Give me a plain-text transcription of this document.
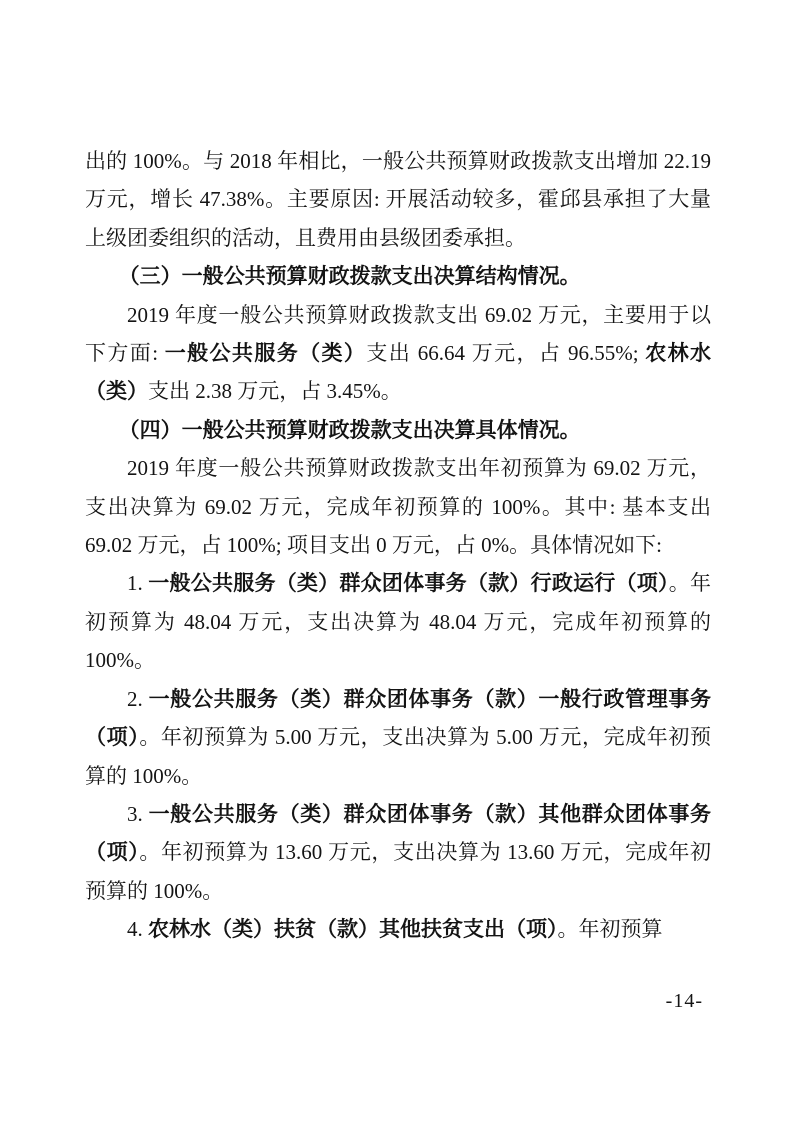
出的 100%。与 2018 年相比，一般公共预算财政拨款支出增加 22.19 万元，增长 47.38%。主要原因: 开展活动较多，霍邱县承担了大量上级团委组织的活动，且费用由县级团委承担。

（三）一般公共预算财政拨款支出决算结构情况。

2019 年度一般公共预算财政拨款支出 69.02 万元，主要用于以下方面: 一般公共服务（类）支出 66.64 万元，占 96.55%; 农林水（类）支出 2.38 万元，占 3.45%。

（四）一般公共预算财政拨款支出决算具体情况。

2019 年度一般公共预算财政拨款支出年初预算为 69.02 万元，支出决算为 69.02 万元，完成年初预算的 100%。其中: 基本支出 69.02 万元，占 100%; 项目支出 0 万元，占 0%。具体情况如下:

1. 一般公共服务（类）群众团体事务（款）行政运行（项）。年初预算为 48.04 万元，支出决算为 48.04 万元，完成年初预算的 100%。

2. 一般公共服务（类）群众团体事务（款）一般行政管理事务（项）。年初预算为 5.00 万元，支出决算为 5.00 万元，完成年初预算的 100%。

3. 一般公共服务（类）群众团体事务（款）其他群众团体事务（项）。年初预算为 13.60 万元，支出决算为 13.60 万元，完成年初预算的 100%。

4. 农林水（类）扶贫（款）其他扶贫支出（项）。年初预算

-14-
